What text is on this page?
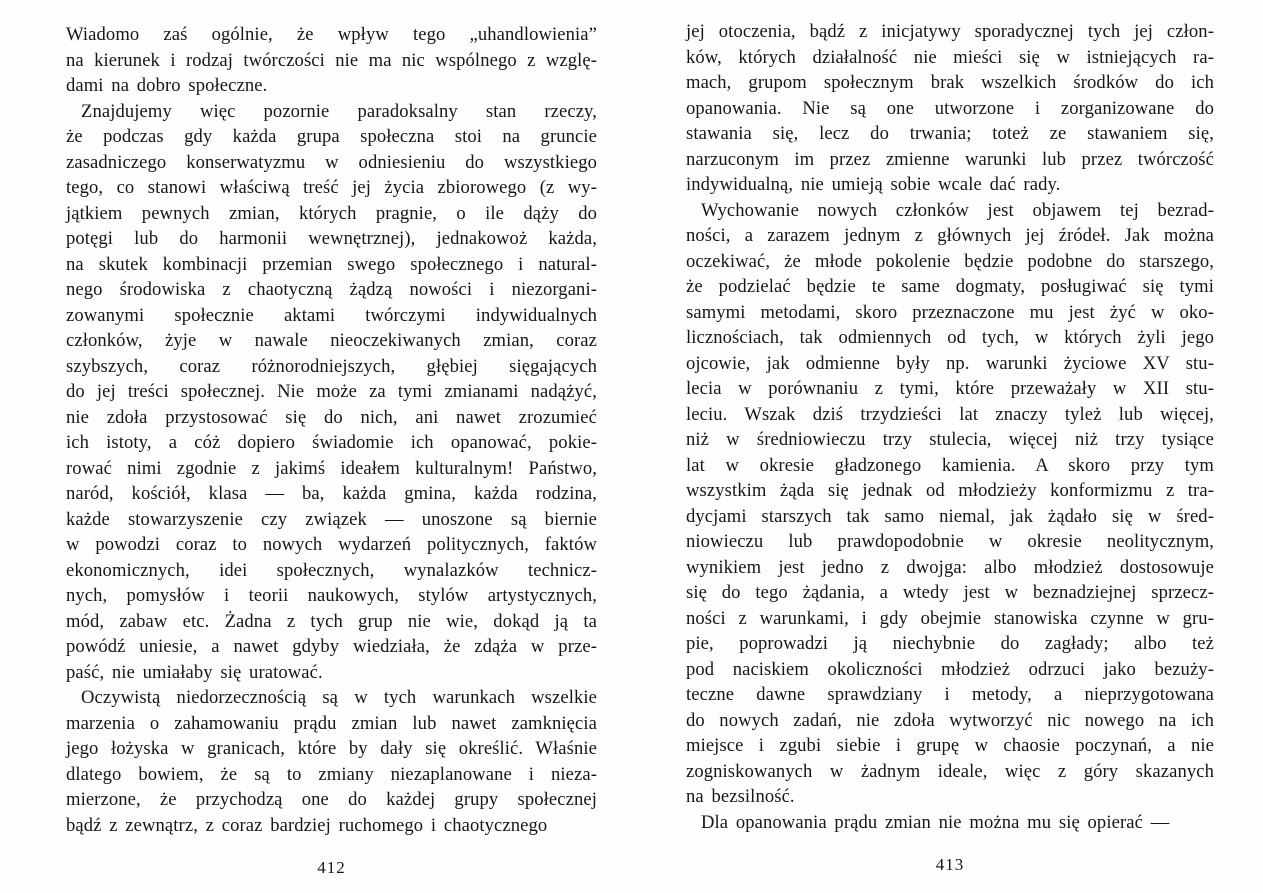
Wiadomo zaś ogólnie, że wpływ tego „uhandlowienia”
na kierunek i rodzaj twórczości nie ma nic wspólnego z wzglę-
dami na dobro społeczne.

Znajdujemy więc pozornie paradoksalny stan rzeczy,
że podczas gdy każda grupa społeczna stoi na gruncie
zasadniczego konserwatyzmu w odniesieniu do wszystkiego
tego, co stanowi właściwą treść jej życia zbiorowego (z wy-
jątkiem pewnych zmian, których pragnie, o ile dąży do
potęgi lub do harmonii wewnętrznej), jednakowoż każda,
na skutek kombinacji przemian swego społecznego i natural-
nego środowiska z chaotyczną żądzą nowości i niezorgani-
zowanymi społecznie aktami twórczymi indywidualnych
członków, żyje w nawale nieoczekiwanych zmian, coraz
szybszych, coraz różnorodniejszych, głębiej sięgających
do jej treści społecznej. Nie może za tymi zmianami nadążyć,
nie zdoła przystosować się do nich, ani nawet zrozumieć
ich istoty, a cóż dopiero świadomie ich opanować, pokie-
rować nimi zgodnie z jakimś ideałem kulturalnym! Państwo,
naród, kościół, klasa — ba, każda gmina, każda rodzina,
każde stowarzyszenie czy związek — unoszone są biernie
w powodzi coraz to nowych wydarzeń politycznych, faktów
ekonomicznych, idei społecznych, wynalazków technicz-
nych, pomysłów i teorii naukowych, stylów artystycznych,
mód, zabaw etc. Żadna z tych grup nie wie, dokąd ją ta
powódź uniesie, a nawet gdyby wiedziała, że zdąża w prze-
paść, nie umiałaby się uratować.

Oczywistą niedorzecznością są w tych warunkach wszelkie
marzenia o zahamowaniu prądu zmian lub nawet zamknięcia
jego łożyska w granicach, które by dały się określić. Właśnie
dlatego bowiem, że są to zmiany niezaplanowane i nieza-
mierzone, że przychodzą one do każdej grupy społecznej
bądź z zewnątrz, z coraz bardziej ruchomego i chaotycznego

412

jej otoczenia, bądź z inicjatywy sporadycznej tych jej człon-
ków, których działalność nie mieści się w istniejących ra-
mach, grupom społecznym brak wszelkich środków do ich
opanowania. Nie są one utworzone i zorganizowane do
stawania się, lecz do trwania; toteż ze stawaniem się,
narzuconym im przez zmienne warunki lub przez twórczość
indywidualną, nie umieją sobie wcale dać rady.

Wychowanie nowych członków jest objawem tej bezrad-
ności, a zarazem jednym z głównych jej źródeł. Jak można
oczekiwać, że młode pokolenie będzie podobne do starszego,
że podzielać będzie te same dogmaty, posługiwać się tymi
samymi metodami, skoro przeznaczone mu jest żyć w oko-
licznościach, tak odmiennych od tych, w których żyli jego
ojcowie, jak odmienne były np. warunki życiowe XV stu-
lecia w porównaniu z tymi, które przeważały w XII stu-
leciu. Wszak dziś trzydzieści lat znaczy tyleż lub więcej,
niż w średniowieczu trzy stulecia, więcej niż trzy tysiące
lat w okresie gładzonego kamienia. A skoro przy tym
wszystkim żąda się jednak od młodzieży konformizmu z tra-
dycjami starszych tak samo niemal, jak żądało się w śred-
niowieczu lub prawdopodobnie w okresie neolitycznym,
wynikiem jest jedno z dwojga: albo młodzież dostosowuje
się do tego żądania, a wtedy jest w beznadziejnej sprzecz-
ności z warunkami, i gdy obejmie stanowiska czynne w gru-
pie, poprowadzi ją niechybnie do zagłady; albo też
pod naciskiem okoliczności młodzież odrzuci jako bezuży-
teczne dawne sprawdziany i metody, a nieprzygotowana
do nowych zadań, nie zdoła wytworzyć nic nowego na ich
miejsce i zgubi siebie i grupę w chaosie poczynań, a nie
zogniskowanych w żadnym ideale, więc z góry skazanych
na bezsilność.

Dla opanowania prądu zmian nie można mu się opierać —

413
